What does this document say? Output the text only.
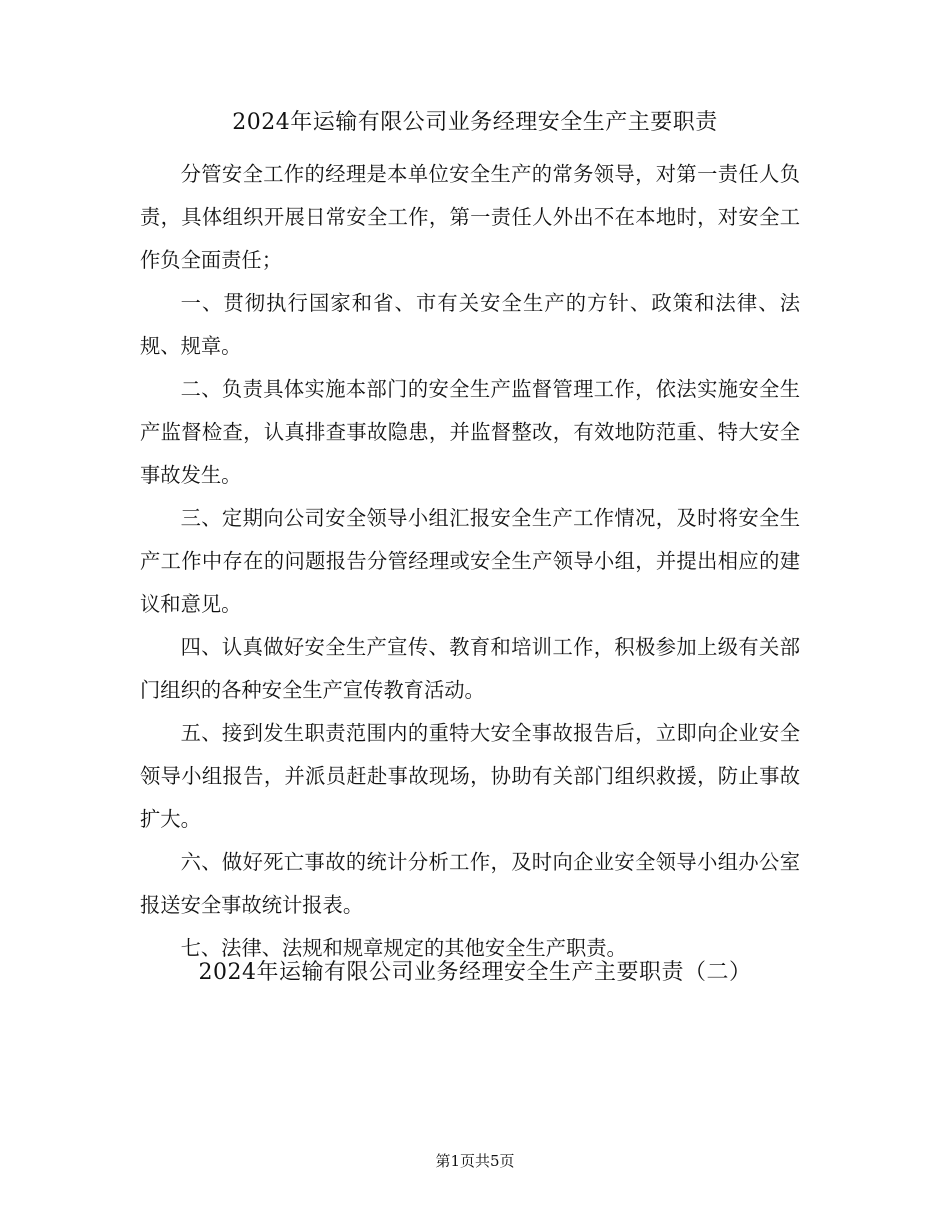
2024年运输有限公司业务经理安全生产主要职责

分管安全工作的经理是本单位安全生产的常务领导，对第一责任人负责，具体组织开展日常安全工作，第一责任人外出不在本地时，对安全工作负全面责任；

一、贯彻执行国家和省、市有关安全生产的方针、政策和法律、法规、规章。

二、负责具体实施本部门的安全生产监督管理工作，依法实施安全生产监督检查，认真排查事故隐患，并监督整改，有效地防范重、特大安全事故发生。

三、定期向公司安全领导小组汇报安全生产工作情况，及时将安全生产工作中存在的问题报告分管经理或安全生产领导小组，并提出相应的建议和意见。

四、认真做好安全生产宣传、教育和培训工作，积极参加上级有关部门组织的各种安全生产宣传教育活动。

五、接到发生职责范围内的重特大安全事故报告后，立即向企业安全领导小组报告，并派员赶赴事故现场，协助有关部门组织救援，防止事故扩大。

六、做好死亡事故的统计分析工作，及时向企业安全领导小组办公室报送安全事故统计报表。

七、法律、法规和规章规定的其他安全生产职责。

2024年运输有限公司业务经理安全生产主要职责（二）
第1页共5页
